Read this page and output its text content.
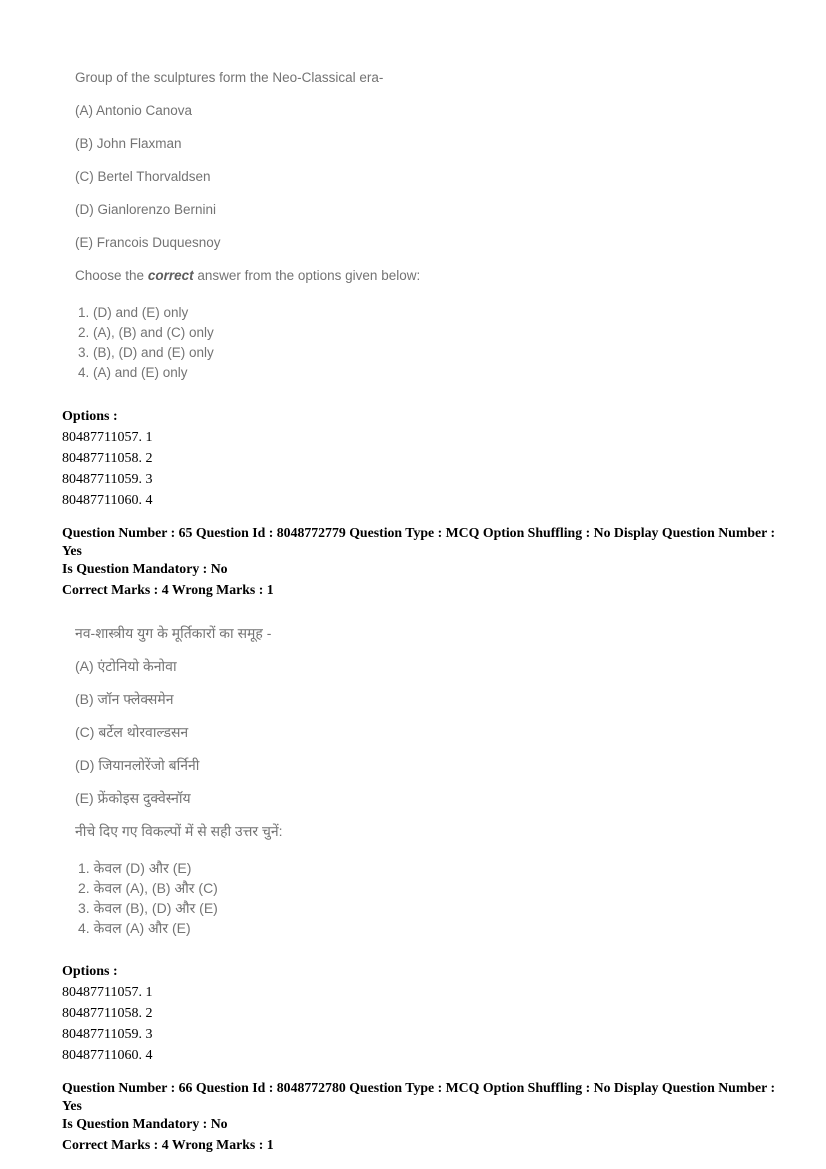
Group of the sculptures form the Neo-Classical era-

(A) Antonio Canova

(B) John Flaxman

(C) Bertel Thorvaldsen

(D) Gianlorenzo Bernini

(E) Francois Duquesnoy

Choose the correct answer from the options given below:

1. (D) and (E) only
2. (A), (B) and (C) only
3. (B), (D) and (E) only
4. (A) and (E) only
Options :
80487711057. 1
80487711058. 2
80487711059. 3
80487711060. 4
Question Number : 65 Question Id : 8048772779 Question Type : MCQ Option Shuffling : No Display Question Number : Yes
Is Question Mandatory : No
Correct Marks : 4 Wrong Marks : 1

नव-शास्त्रीय युग के मूर्तिकारों का समूह -

(A) एंटोनियो केनोवा

(B) जॉन फ्लेक्समेन

(C) बर्टेल थोरवाल्डसन

(D) जियानलोरेंजो बर्निनी

(E) फ्रेंकोइस दुक्वेस्नॉय

नीचे दिए गए विकल्पों में से सही उत्तर चुनें:

1. केवल (D) और (E)
2. केवल (A), (B) और (C)
3. केवल (B), (D) और (E)
4. केवल (A) और (E)
Options :
80487711057. 1
80487711058. 2
80487711059. 3
80487711060. 4
Question Number : 66 Question Id : 8048772780 Question Type : MCQ Option Shuffling : No Display Question Number : Yes
Is Question Mandatory : No
Correct Marks : 4 Wrong Marks : 1
